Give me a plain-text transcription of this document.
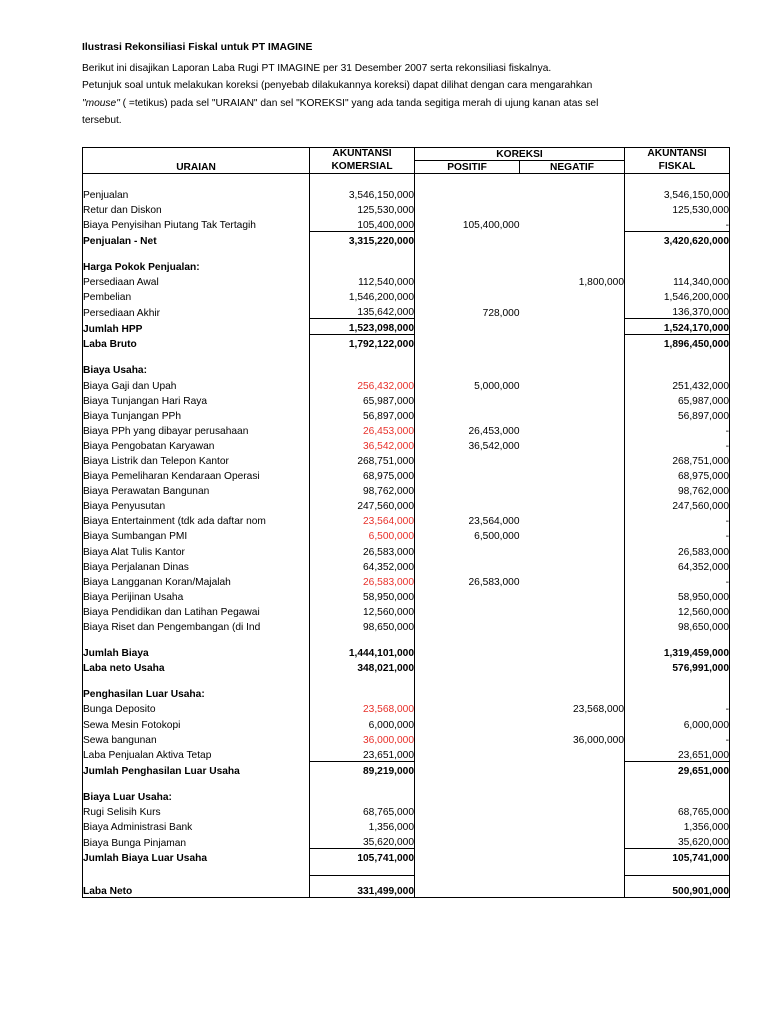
Ilustrasi Rekonsiliasi Fiskal untuk PT IMAGINE

Berikut ini disajikan Laporan Laba Rugi PT IMAGINE per 31 Desember 2007 serta rekonsiliasi fiskalnya.

Petunjuk soal untuk melakukan koreksi (penyebab dilakukannya koreksi) dapat dilihat dengan cara mengarahkan

"mouse" ( =tetikus) pada sel "URAIAN" dan sel "KOREKSI" yang ada tanda segitiga merah di ujung kanan atas sel

tersebut.

	AKUNTANSI	KOREKSI		AKUNTANSI
URAIAN	KOMERSIAL	POSITIF	NEGATIF	FISKAL

Penjualan	3,546,150,000			3,546,150,000
Retur dan Diskon	125,530,000			125,530,000
Biaya Penyisihan Piutang Tak Tertagih	105,400,000	105,400,000		-
Penjualan - Net	3,315,220,000			3,420,620,000

Harga Pokok Penjualan:				
Persediaan Awal	112,540,000		1,800,000	114,340,000
Pembelian	1,546,200,000			1,546,200,000
Persediaan Akhir	135,642,000	728,000		136,370,000
Jumlah HPP	1,523,098,000			1,524,170,000
Laba Bruto	1,792,122,000			1,896,450,000

Biaya Usaha:				
Biaya Gaji dan Upah	256,432,000	5,000,000		251,432,000
Biaya Tunjangan Hari Raya	65,987,000			65,987,000
Biaya Tunjangan PPh	56,897,000			56,897,000
Biaya PPh yang dibayar perusahaan	26,453,000	26,453,000		-
Biaya Pengobatan Karyawan	36,542,000	36,542,000		-
Biaya Listrik dan Telepon Kantor	268,751,000			268,751,000
Biaya Pemeliharan Kendaraan Operasi	68,975,000			68,975,000
Biaya Perawatan Bangunan	98,762,000			98,762,000
Biaya Penyusutan	247,560,000			247,560,000
Biaya Entertainment (tdk ada daftar nom	23,564,000	23,564,000		-
Biaya Sumbangan PMI	6,500,000	6,500,000		-
Biaya Alat Tulis Kantor	26,583,000			26,583,000
Biaya Perjalanan Dinas	64,352,000			64,352,000
Biaya Langganan Koran/Majalah	26,583,000	26,583,000		-
Biaya Perijinan Usaha	58,950,000			58,950,000
Biaya Pendidikan dan Latihan Pegawai	12,560,000			12,560,000
Biaya Riset dan Pengembangan (di Ind	98,650,000			98,650,000

Jumlah Biaya	1,444,101,000			1,319,459,000
Laba neto Usaha	348,021,000			576,991,000

Penghasilan Luar Usaha:				
Bunga Deposito	23,568,000		23,568,000	-
Sewa Mesin Fotokopi	6,000,000			6,000,000
Sewa bangunan	36,000,000		36,000,000	-
Laba Penjualan Aktiva Tetap	23,651,000			23,651,000
Jumlah Penghasilan Luar Usaha	89,219,000			29,651,000

Biaya Luar Usaha:				
Rugi Selisih Kurs	68,765,000			68,765,000
Biaya Administrasi Bank	1,356,000			1,356,000
Biaya Bunga Pinjaman	35,620,000			35,620,000
Jumlah Biaya Luar Usaha	105,741,000			105,741,000

Laba Neto	331,499,000			500,901,000
